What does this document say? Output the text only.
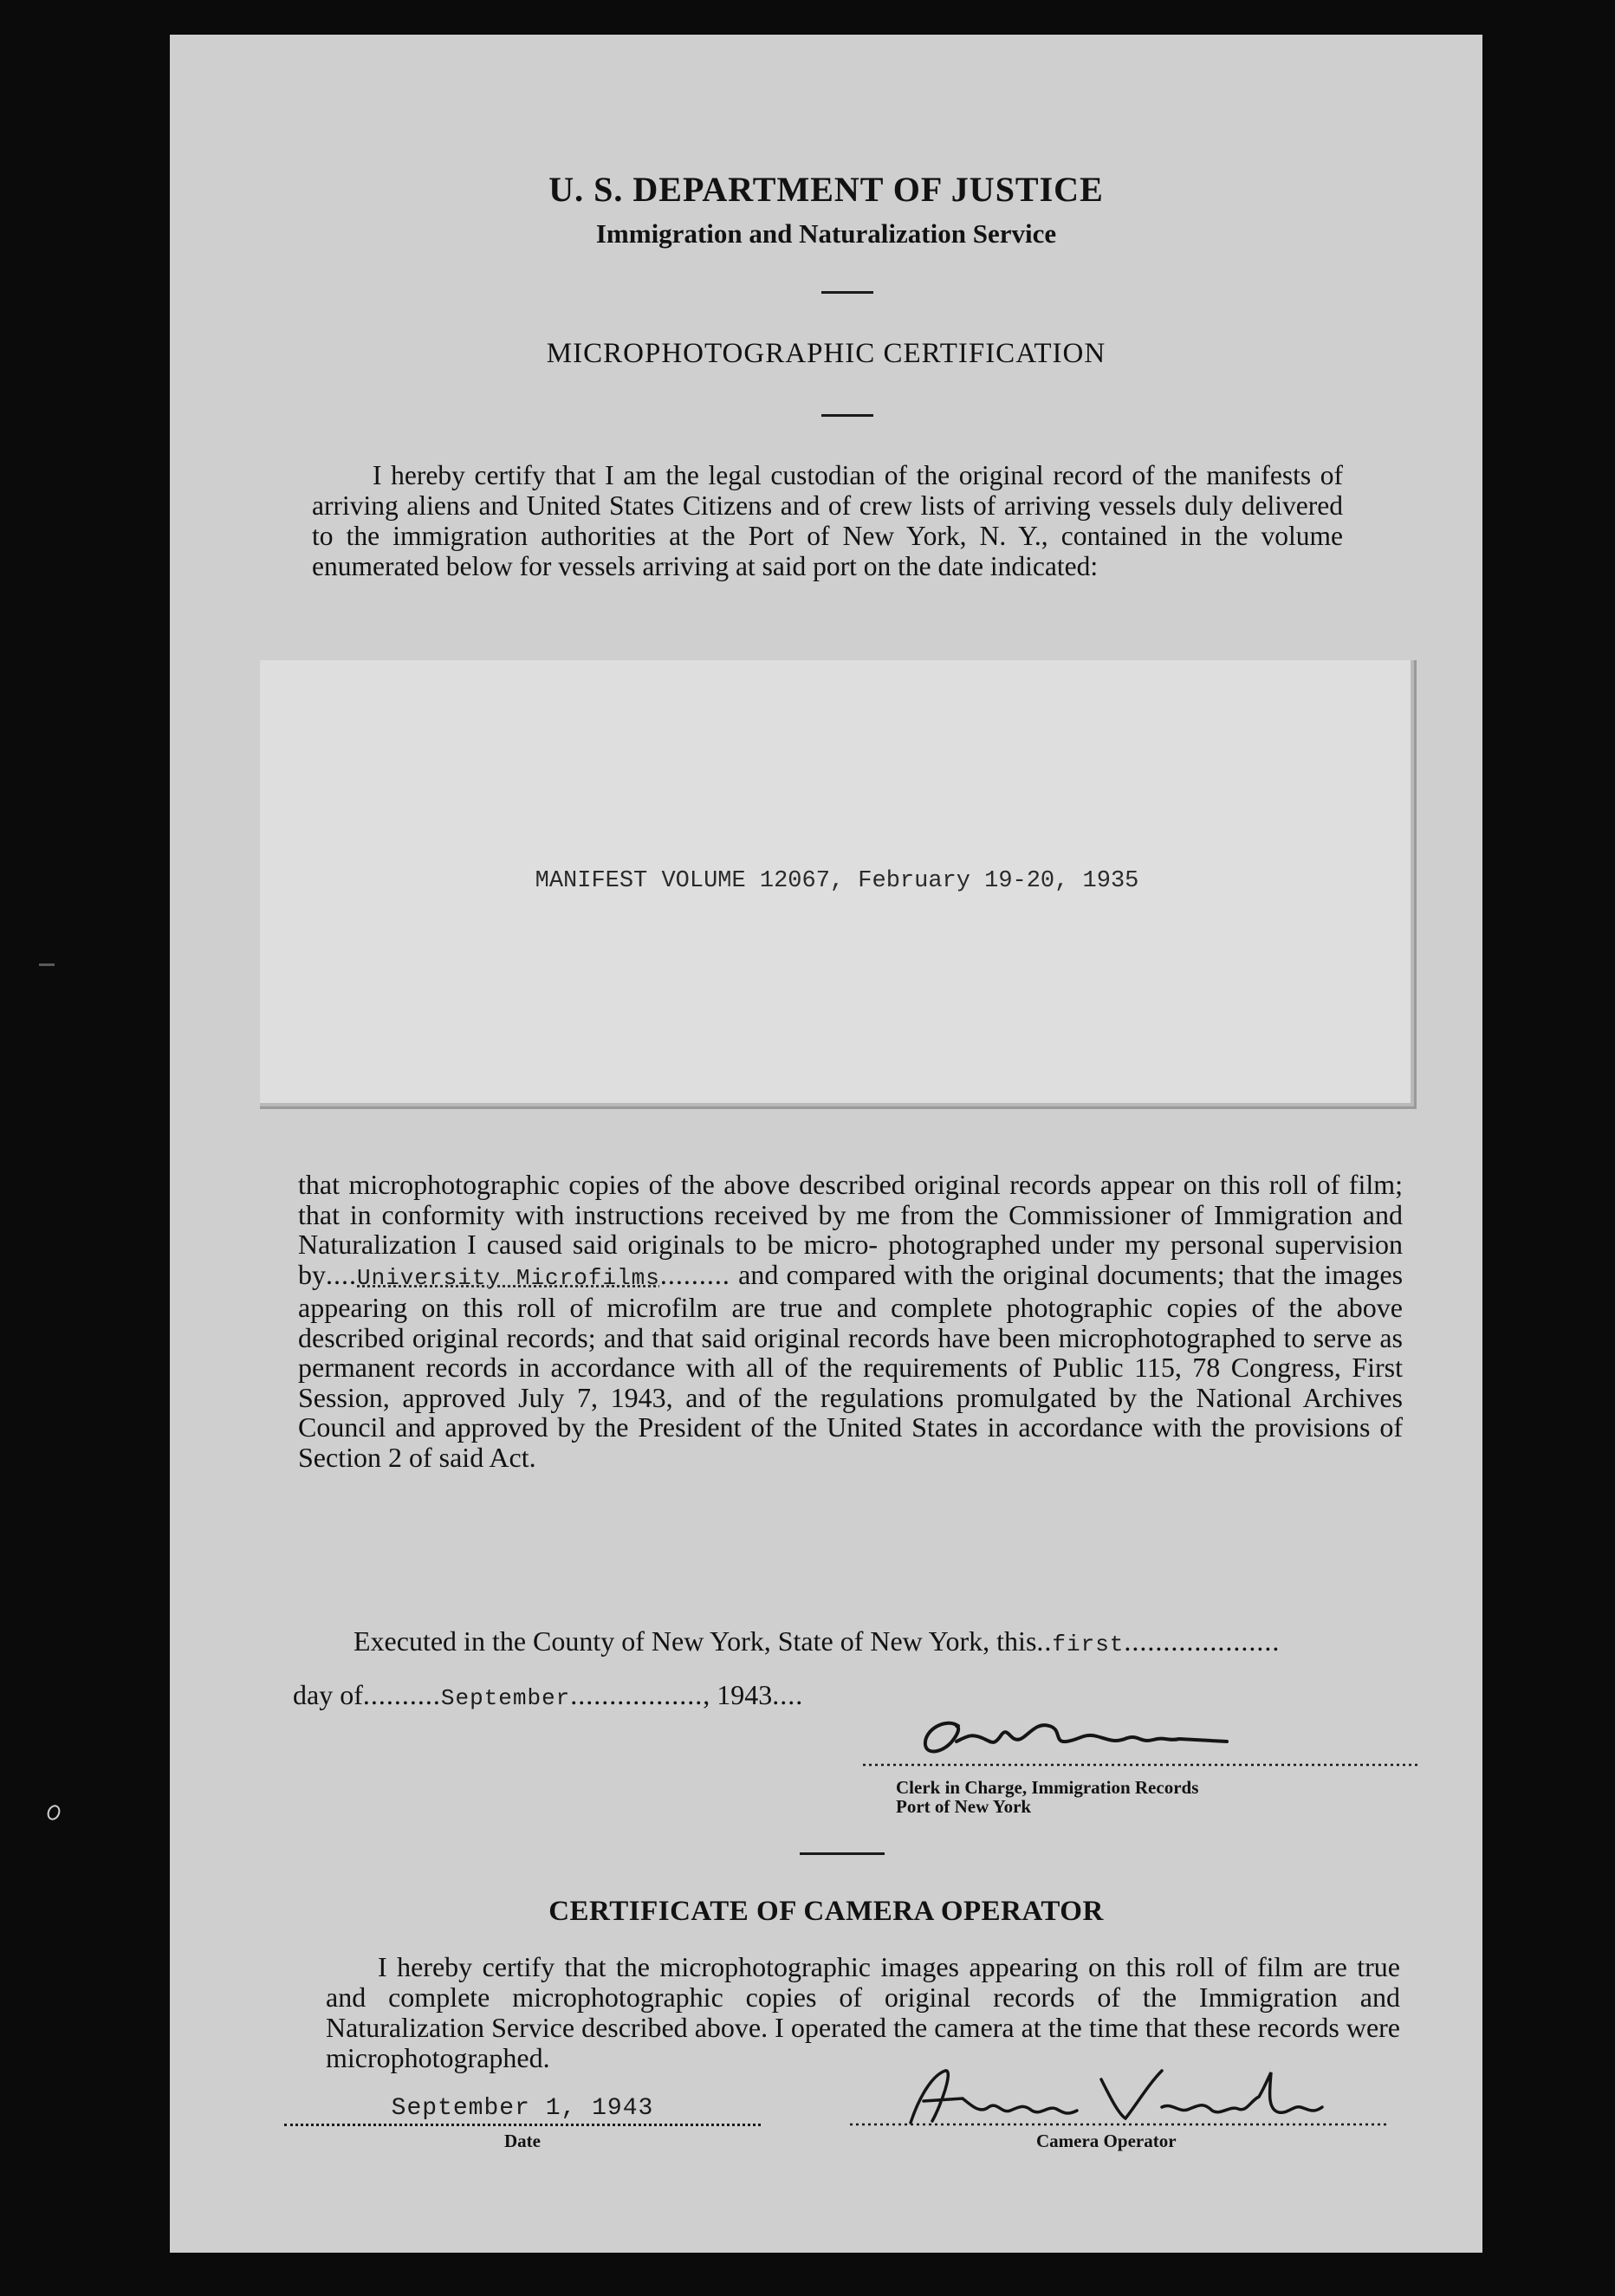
U. S. DEPARTMENT OF JUSTICE
Immigration and Naturalization Service
MICROPHOTOGRAPHIC CERTIFICATION
I hereby certify that I am the legal custodian of the original record of the manifests of arriving aliens and United States Citizens and of crew lists of arriving vessels duly delivered to the immigration authorities at the Port of New York, N. Y., contained in the volume enumerated below for vessels arriving at said port on the date indicated:
MANIFEST VOLUME 12067, February 19-20, 1935
that microphotographic copies of the above described original records appear on this roll of film; that in conformity with instructions received by me from the Commissioner of Immigration and Naturalization I caused said originals to be micro- photographed under my personal supervision by....University Microfilms......... and compared with the original documents; that the images appearing on this roll of microfilm are true and complete photographic copies of the above described original records; and that said original records have been microphotographed to serve as permanent records in accordance with all of the requirements of Public 115, 78 Congress, First Session, approved July 7, 1943, and of the regulations promulgated by the National Archives Council and approved by the President of the United States in accordance with the provisions of Section 2 of said Act.
Executed in the County of New York, State of New York, this..first....................
day of..........September................., 1943....
Clerk in Charge, Immigration Records
Port of New York
CERTIFICATE OF CAMERA OPERATOR
I hereby certify that the microphotographic images appearing on this roll of film are true and complete microphotographic copies of original records of the Immigration and Naturalization Service described above. I operated the camera at the time that these records were microphotographed.
September 1, 1943
Date	Camera Operator
